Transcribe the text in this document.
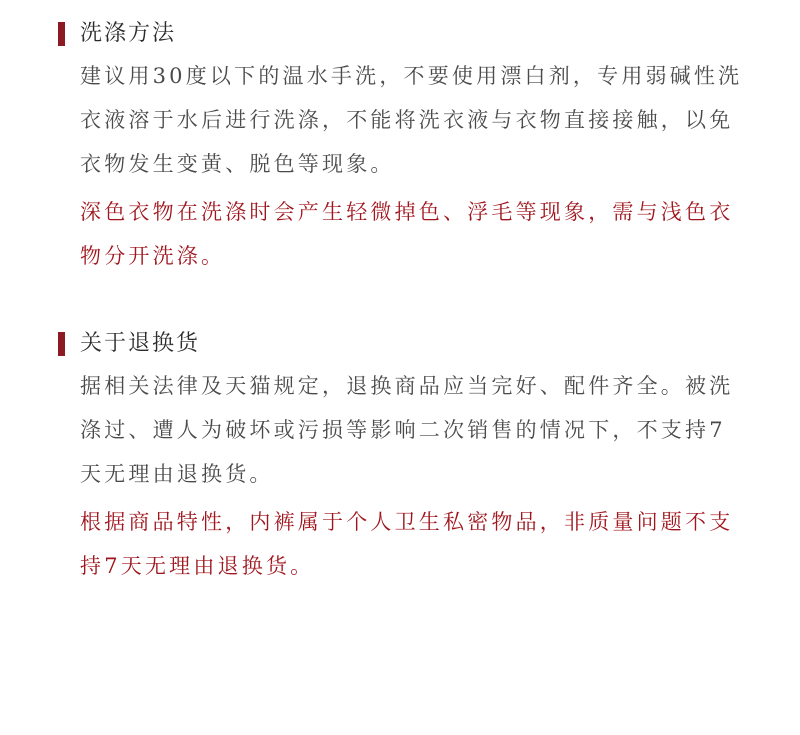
洗涤方法

建议用30度以下的温水手洗，不要使用漂白剂，专用弱碱性洗衣液溶于水后进行洗涤，不能将洗衣液与衣物直接接触，以免衣物发生变黄、脱色等现象。

深色衣物在洗涤时会产生轻微掉色、浮毛等现象，需与浅色衣物分开洗涤。

关于退换货

据相关法律及天猫规定，退换商品应当完好、配件齐全。被洗涤过、遭人为破坏或污损等影响二次销售的情况下，不支持7天无理由退换货。

根据商品特性，内裤属于个人卫生私密物品，非质量问题不支持7天无理由退换货。
